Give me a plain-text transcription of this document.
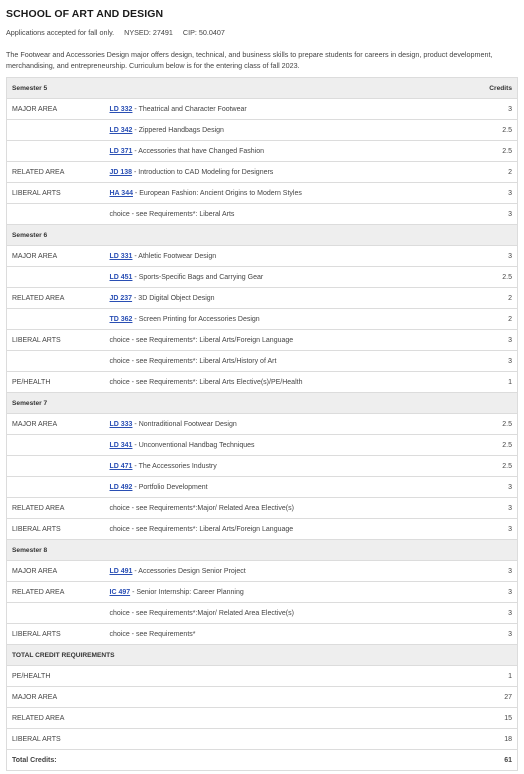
SCHOOL OF ART AND DESIGN
Applications accepted for fall only. NYSED: 27491 CIP: 50.0407
The Footwear and Accessories Design major offers design, technical, and business skills to prepare students for careers in design, product development, merchandising, and entrepreneurship. Curriculum below is for the entering class of fall 2023.
Semester 5		Credits
MAJOR AREA	LD 332 - Theatrical and Character Footwear	3
	LD 342 - Zippered Handbags Design	2.5
	LD 371 - Accessories that have Changed Fashion	2.5
RELATED AREA	JD 138 - Introduction to CAD Modeling for Designers	2
LIBERAL ARTS	HA 344 - European Fashion: Ancient Origins to Modern Styles	3
	choice - see Requirements*: Liberal Arts	3
Semester 6		
MAJOR AREA	LD 331 - Athletic Footwear Design	3
	LD 451 - Sports-Specific Bags and Carrying Gear	2.5
RELATED AREA	JD 237 - 3D Digital Object Design	2
	TD 362 - Screen Printing for Accessories Design	2
LIBERAL ARTS	choice - see Requirements*: Liberal Arts/Foreign Language	3
	choice - see Requirements*: Liberal Arts/History of Art	3
PE/HEALTH	choice - see Requirements*: Liberal Arts Elective(s)/PE/Health	1
Semester 7		
MAJOR AREA	LD 333 - Nontraditional Footwear Design	2.5
	LD 341 - Unconventional Handbag Techniques	2.5
	LD 471 - The Accessories Industry	2.5
	LD 492 - Portfolio Development	3
RELATED AREA	choice - see Requirements*:Major/ Related Area Elective(s)	3
LIBERAL ARTS	choice - see Requirements*: Liberal Arts/Foreign Language	3
Semester 8		
MAJOR AREA	LD 491 - Accessories Design Senior Project	3
RELATED AREA	IC 497 - Senior Internship: Career Planning	3
	choice - see Requirements*:Major/ Related Area Elective(s)	3
LIBERAL ARTS	choice - see Requirements*	3
TOTAL CREDIT REQUIREMENTS		
PE/HEALTH		1
MAJOR AREA		27
RELATED AREA		15
LIBERAL ARTS		18
Total Credits:		61
